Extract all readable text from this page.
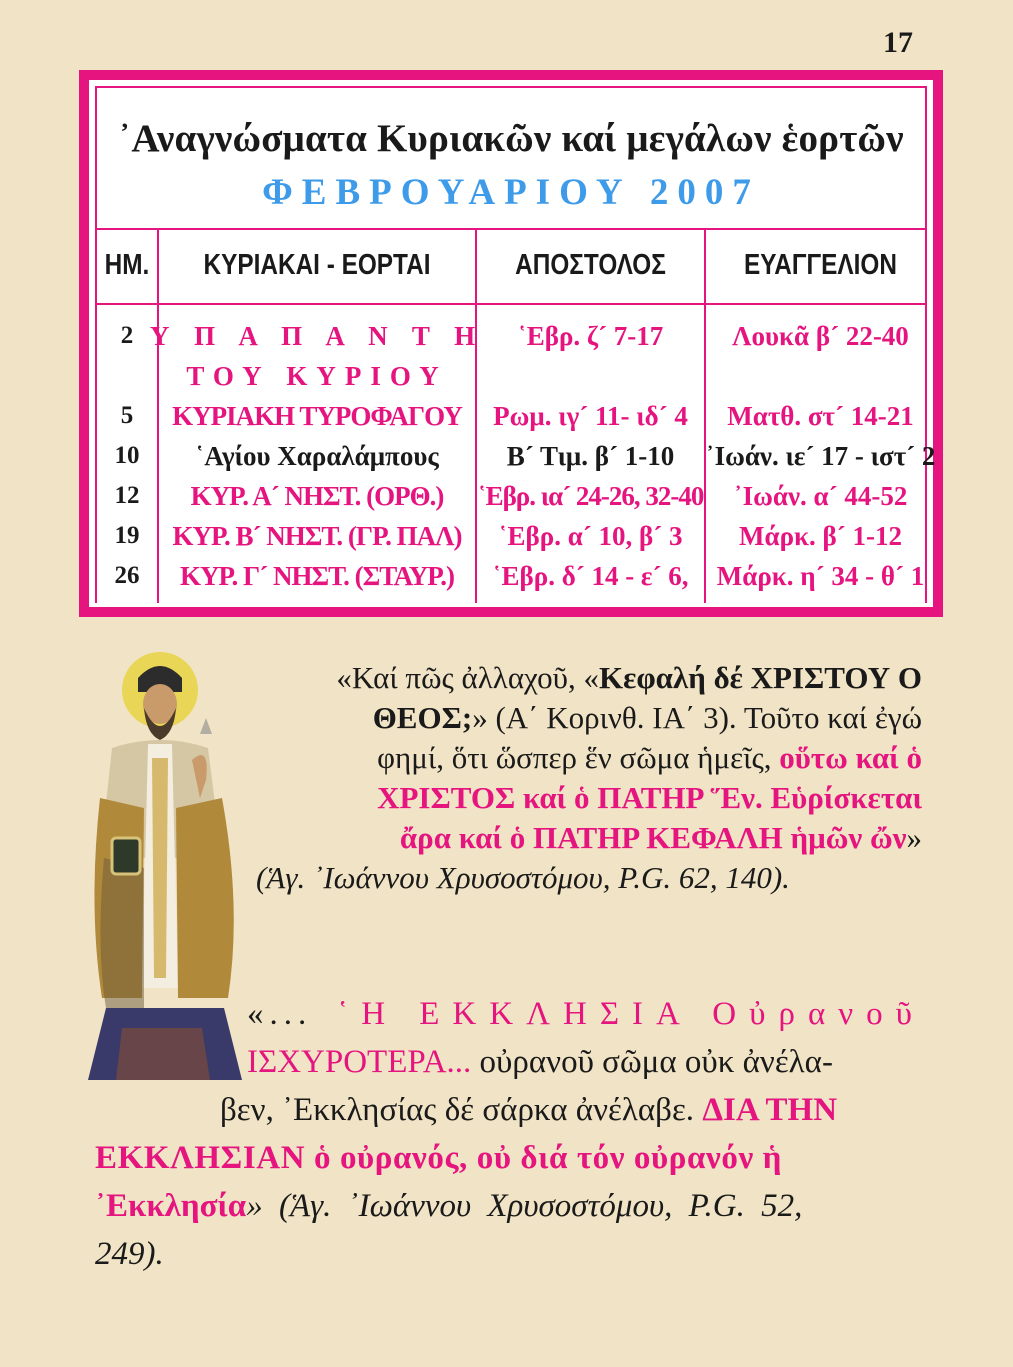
17
᾿Αναγνώσματα Κυριακῶν καί μεγάλων ἑορτῶν
ΦΕΒΡΟΥΑΡΙΟΥ 2007
ΗΜ.	ΚΥΡΙΑΚΑΙ - ΕΟΡΤΑΙ	ΑΠΟΣΤΟΛΟΣ	ΕΥΑΓΓΕΛΙΟΝ
2 Υ Π Α Π Α Ν Τ Η	῾Εβρ. ζ´ 7-17	Λουκᾶ β´ 22-40
ΤΟΥ ΚΥΡΙΟΥ
5	ΚΥΡΙΑΚΗ ΤΥΡΟΦΑΓΟΥ	Ρωμ. ιγ´ 11- ιδ´ 4	Ματθ. στ´ 14-21
10	῾Αγίου Χαραλάμπους	Β´ Τιμ. β´ 1-10	᾿Ιωάν. ιε´ 17 - ιστ´ 2
12	ΚΥΡ. Α´ ΝΗΣΤ. (ΟΡΘ.)	῾Εβρ. ια´ 24-26, 32-40	᾿Ιωάν. α´ 44-52
19	ΚΥΡ. Β´ ΝΗΣΤ. (ΓΡ. ΠΑΛ)	῾Εβρ. α´ 10, β´ 3	Μάρκ. β´ 1-12
26	ΚΥΡ. Γ´ ΝΗΣΤ. (ΣΤΑΥΡ.)	῾Εβρ. δ´ 14 - ε´ 6,	Μάρκ. η´ 34 - θ´ 1
«Καί πῶς ἀλλαχοῦ, «Κεφαλή δέ ΧΡΙΣΤΟΥ Ο
ΘΕΟΣ;» (Α΄ Κορινθ. ΙΑ΄ 3). Τοῦτο καί ἐγώ
φημί, ὅτι ὥσπερ ἕν σῶμα ἡμεῖς, οὕτω καί ὁ
ΧΡΙΣΤΟΣ καί ὁ ΠΑΤΗΡ Ἕν. Εὑρίσκεται
ἄρα καί ὁ ΠΑΤΗΡ ΚΕΦΑΛΗ ἡμῶν ὤν»
(Ἁγ. ᾿Ιωάννου Χρυσοστόμου, P.G. 62, 140).
«... ῾Η ΕΚΚΛΗΣΙΑ Οὐρανοῦ
ΙΣΧΥΡΟΤΕΡΑ... οὐρανοῦ σῶμα οὐκ ἀνέλα-
βεν, ᾿Εκκλησίας δέ σάρκα ἀνέλαβε. ΔΙΑ ΤΗΝ
ΕΚΚΛΗΣΙΑΝ ὁ οὐρανός, οὐ διά τόν οὐρανόν ἡ
᾿Εκκλησία» (Ἁγ. ᾿Ιωάννου Χρυσοστόμου, P.G. 52,
249).
